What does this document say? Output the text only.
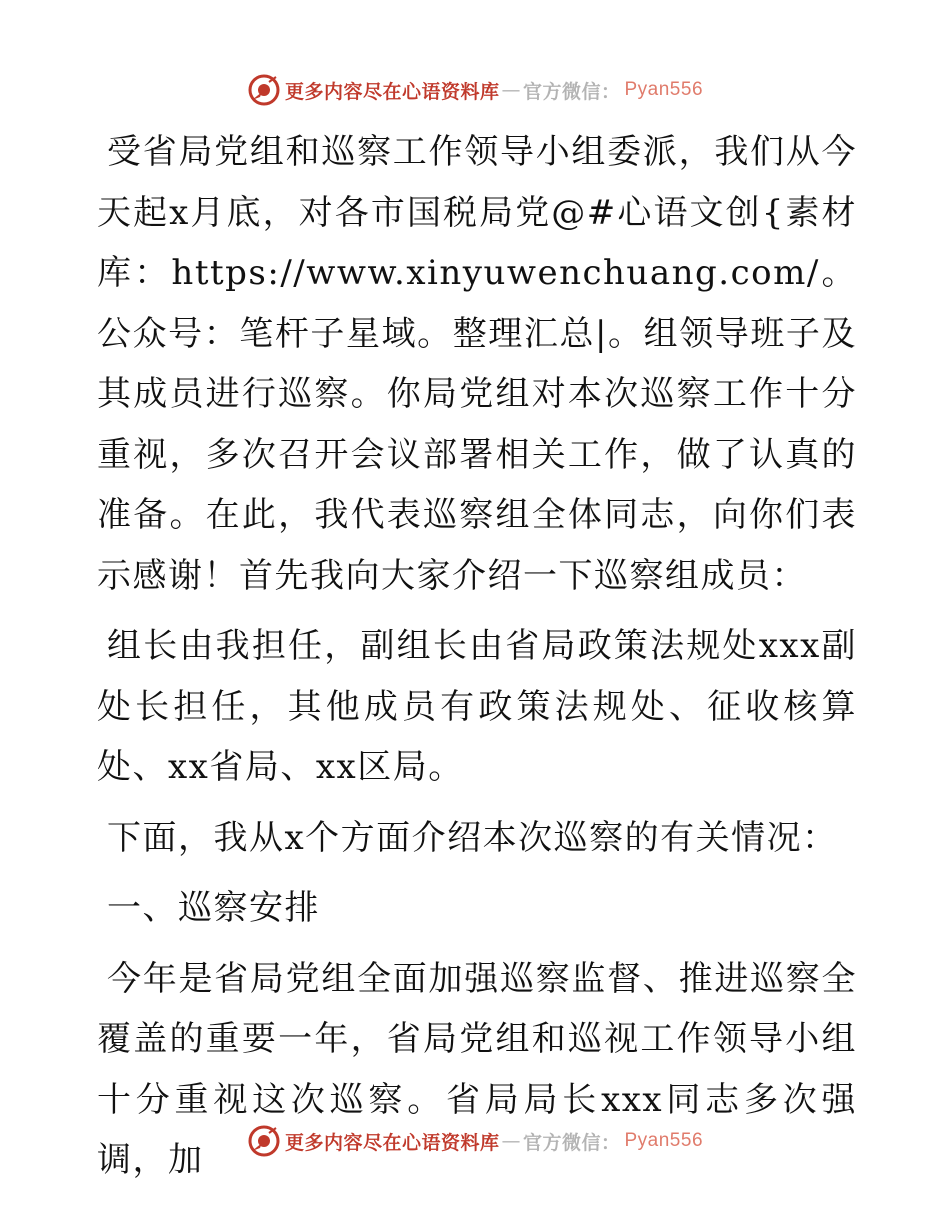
更多内容尽在心语资料库 — 官方微信： Pyan556

受省局党组和巡察工作领导小组委派，我们从今天起x月底，对各市国税局党@#心语文创{素材库：https://www.xinyuwenchuang.com/。公众号：笔杆子星域。整理汇总|。组领导班子及其成员进行巡察。你局党组对本次巡察工作十分重视，多次召开会议部署相关工作，做了认真的准备。在此，我代表巡察组全体同志，向你们表示感谢！首先我向大家介绍一下巡察组成员：

组长由我担任，副组长由省局政策法规处xxx副处长担任，其他成员有政策法规处、征收核算处、xx省局、xx区局。

下面，我从x个方面介绍本次巡察的有关情况：

一、巡察安排

今年是省局党组全面加强巡察监督、推进巡察全覆盖的重要一年，省局党组和巡视工作领导小组十分重视这次巡察。省局局长xxx同志多次强调，加	更多内容尽在心语资料库 — 官方微信： Pyan556
